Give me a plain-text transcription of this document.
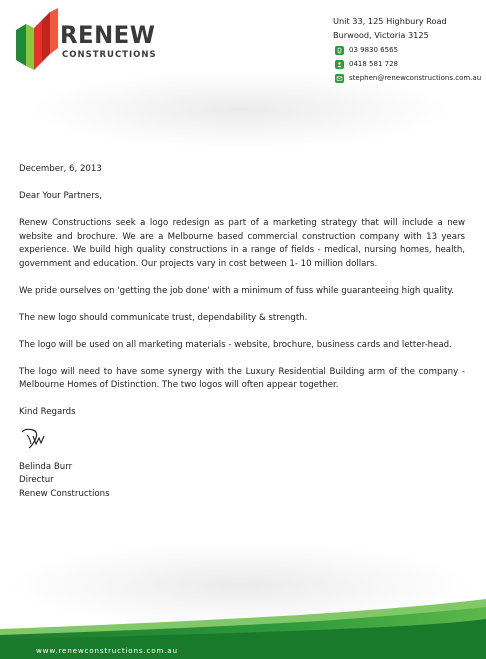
RENEW
CONSTRUCTIONS
Unit 33, 125 Highbury Road
Burwood, Victoria 3125
03 9830 6565
0418 581 728
stephen@renewconstructions.com.au
December, 6, 2013

Dear Your Partners,

Renew Constructions seek a logo redesign as part of a marketing strategy that will include a new website and brochure. We are a Melbourne based commercial construction company with 13 years experience. We build high quality constructions in a range of fields - medical, nursing homes, health, government and education. Our projects vary in cost between 1- 10 million dollars.

We pride ourselves on 'getting the job done' with a minimum of fuss while guaranteeing high quality.

The new logo should communicate trust, dependability & strength.

The logo will be used on all marketing materials - website, brochure, business cards and letter-head.

The logo will need to have some synergy with the Luxury Residential Building arm of the company - Melbourne Homes of Distinction. The two logos will often appear together.

Kind Regards
Belinda Burr
Directur
Renew Constructions
www.renewconstructions.com.au
